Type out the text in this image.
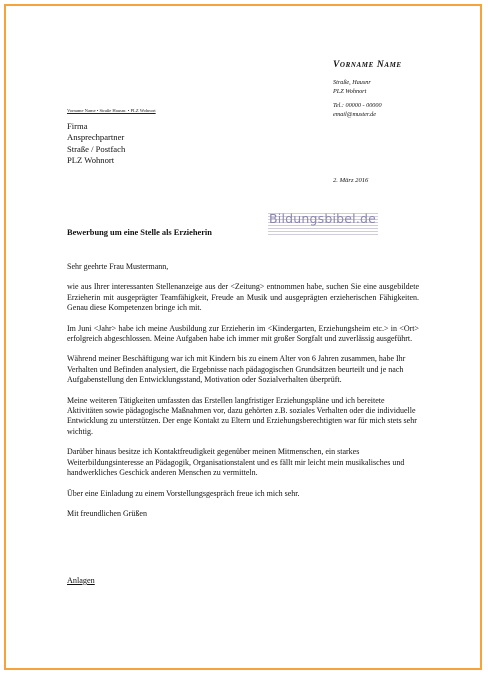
Vorname Name
Straße, Hausnr
PLZ Wohnort
Tel.: 00000 - 00000
email@muster.de
Vorname Name • Straße Hausnr. • PLZ Wohnort
Firma
Ansprechpartner
Straße / Postfach
PLZ Wohnort
2. März 2016
Bildungsbibel.de
Bewerbung um eine Stelle als Erzieherin

Sehr geehrte Frau Mustermann,

wie aus Ihrer interessanten Stellenanzeige aus der <Zeitung> entnommen habe, suchen Sie eine ausgebildete Erzieherin mit ausgeprägter Teamfähigkeit, Freude an Musik und ausgeprägten erzieherischen Fähigkeiten. Genau diese Kompetenzen bringe ich mit.

Im Juni <Jahr> habe ich meine Ausbildung zur Erzieherin im <Kindergarten, Erziehungsheim etc.> in <Ort> erfolgreich abgeschlossen. Meine Aufgaben habe ich immer mit großer Sorgfalt und zuverlässig ausgeführt.

Während meiner Beschäftigung war ich mit Kindern bis zu einem Alter von 6 Jahren zusammen, habe Ihr Verhalten und Befinden analysiert, die Ergebnisse nach pädagogischen Grundsätzen beurteilt und je nach Aufgabenstellung den Entwicklungsstand, Motivation oder Sozialverhalten überprüft.

Meine weiteren Tätigkeiten umfassten das Erstellen langfristiger Erziehungspläne und ich bereitete Aktivitäten sowie pädagogische Maßnahmen vor, dazu gehörten z.B. soziales Verhalten oder die individuelle Entwicklung zu unterstützen. Der enge Kontakt zu Eltern und Erziehungsberechtigten war für mich stets sehr wichtig.

Darüber hinaus besitze ich Kontaktfreudigkeit gegenüber meinen Mitmenschen, ein starkes Weiterbildungsinteresse an Pädagogik, Organisationstalent und es fällt mir leicht mein musikalisches und handwerkliches Geschick anderen Menschen zu vermitteln.

Über eine Einladung zu einem Vorstellungsgespräch freue ich mich sehr.

Mit freundlichen Grüßen

Anlagen
